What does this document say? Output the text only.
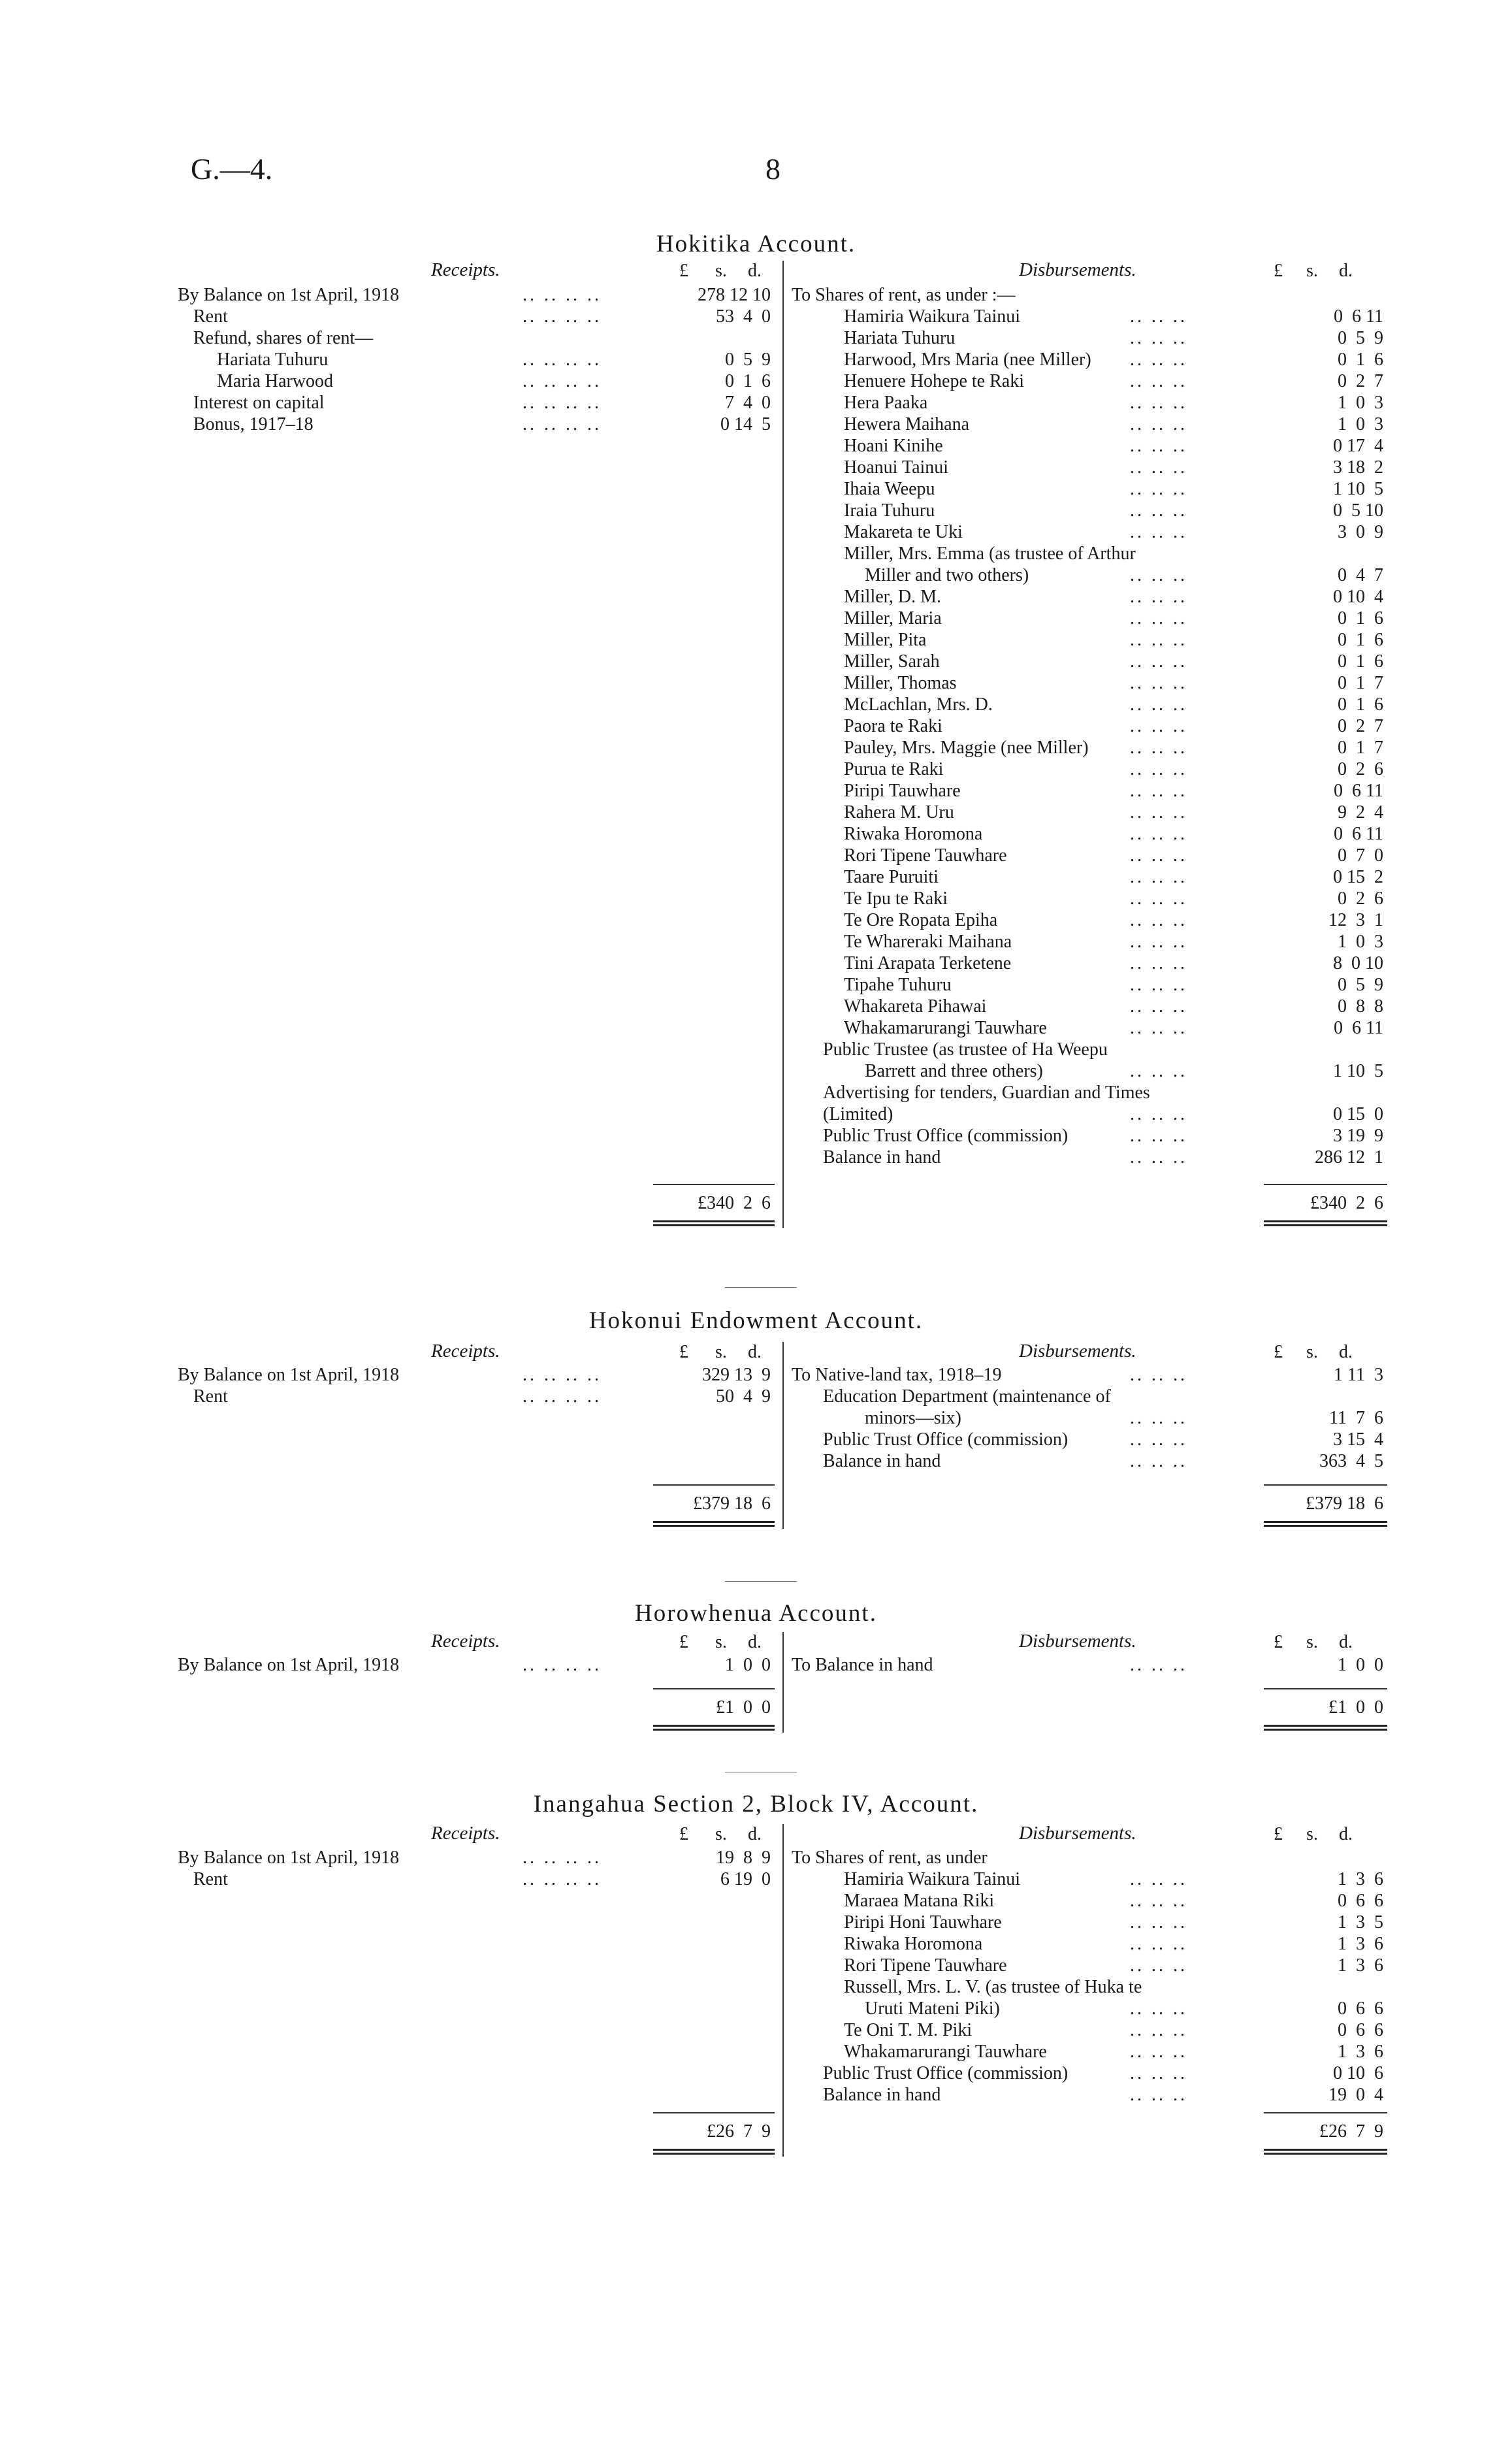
G.—4.	8
Hokitika Account.
Receipts.	Disbursements.
£ s. d.	£ s. d.
By Balance on 1st April, 1918	.. .. .. ..	278 12 10
Rent	.. .. .. ..	53  4  0
Refund, shares of rent—
Hariata Tuhuru	.. .. .. ..	0  5  9
Maria Harwood	.. .. .. ..	0  1  6
Interest on capital	.. .. .. ..	7  4  0
Bonus, 1917–18	.. .. .. ..	0 14  5
To Shares of rent, as under :—
Hamiria Waikura Tainui	.. .. ..	0  6 11
Hariata Tuhuru	.. .. ..	0  5  9
Harwood, Mrs Maria (nee Miller) .. .. ..	0  1  6
Henuere Hohepe te Raki	.. .. ..	0  2  7
Hera Paaka	.. .. ..	1  0  3
Hewera Maihana	.. .. ..	1  0  3
Hoani Kinihe	.. .. ..	0 17  4
Hoanui Tainui	.. .. ..	3 18  2
Ihaia Weepu	.. .. ..	1 10  5
Iraia Tuhuru	.. .. ..	0  5 10
Makareta te Uki	.. .. ..	3  0  9
Miller, Mrs. Emma (as trustee of Arthur
Miller and two others)	.. .. ..	0  4  7
Miller, D. M.	.. .. ..	0 10  4
Miller, Maria	.. .. ..	0  1  6
Miller, Pita	.. .. ..	0  1  6
Miller, Sarah	.. .. ..	0  1  6
Miller, Thomas	.. .. ..	0  1  7
McLachlan, Mrs. D.	.. .. ..	0  1  6
Paora te Raki	.. .. ..	0  2  7
Pauley, Mrs. Maggie (nee Miller) .. .. ..	0  1  7
Purua te Raki	.. .. ..	0  2  6
Piripi Tauwhare	.. .. ..	0  6 11
Rahera M. Uru	.. .. ..	9  2  4
Riwaka Horomona	.. .. ..	0  6 11
Rori Tipene Tauwhare	.. .. ..	0  7  0
Taare Puruiti	.. .. ..	0 15  2
Te Ipu te Raki	.. .. ..	0  2  6
Te Ore Ropata Epiha	.. .. ..	12  3  1
Te Whareraki Maihana	.. .. ..	1  0  3
Tini Arapata Terketene	.. .. ..	8  0 10
Tipahe Tuhuru	.. .. ..	0  5  9
Whakareta Pihawai	.. .. ..	0  8  8
Whakamarurangi Tauwhare	.. .. ..	0  6 11
Public Trustee (as trustee of Ha Weepu
Barrett and three others)	.. .. ..	1 10  5
Advertising for tenders, Guardian and Times
(Limited)	.. .. ..	0 15  0
Public Trust Office (commission)	.. .. ..	3 19  9
Balance in hand	.. .. ..	286 12  1
£340  2  6	£340  2  6
Hokonui Endowment Account.
Receipts.	Disbursements.
£ s. d.	£ s. d.
By Balance on 1st April, 1918	.. .. .. ..	329 13  9
Rent	.. .. .. ..	50  4  9
To Native-land tax, 1918–19	.. .. ..	1 11  3
Education Department (maintenance of
minors—six)	.. .. ..	11  7  6
Public Trust Office (commission)	.. .. ..	3 15  4
Balance in hand	.. .. ..	363  4  5
£379 18  6	£379 18  6
Horowhenua Account.
Receipts.	Disbursements.
£ s. d.	£ s. d.
By Balance on 1st April, 1918	.. .. .. ..	1  0  0 To Balance in hand	.. .. ..	1  0  0
£1  0  0	£1  0  0
Inangahua Section 2, Block IV, Account.
Receipts.	Disbursements.
£ s. d.	£ s. d.
By Balance on 1st April, 1918	.. .. .. ..	19  8  9
Rent	.. .. .. ..	6 19  0
To Shares of rent, as under
Hamiria Waikura Tainui	.. .. ..	1  3  6
Maraea Matana Riki	.. .. ..	0  6  6
Piripi Honi Tauwhare	.. .. ..	1  3  5
Riwaka Horomona	.. .. ..	1  3  6
Rori Tipene Tauwhare	.. .. ..	1  3  6
Russell, Mrs. L. V. (as trustee of Huka te
Uruti Mateni Piki)	.. .. ..	0  6  6
Te Oni T. M. Piki	.. .. ..	0  6  6
Whakamarurangi Tauwhare	.. .. ..	1  3  6
Public Trust Office (commission)	.. .. ..	0 10  6
Balance in hand	.. .. ..	19  0  4
£26  7  9	£26  7  9
